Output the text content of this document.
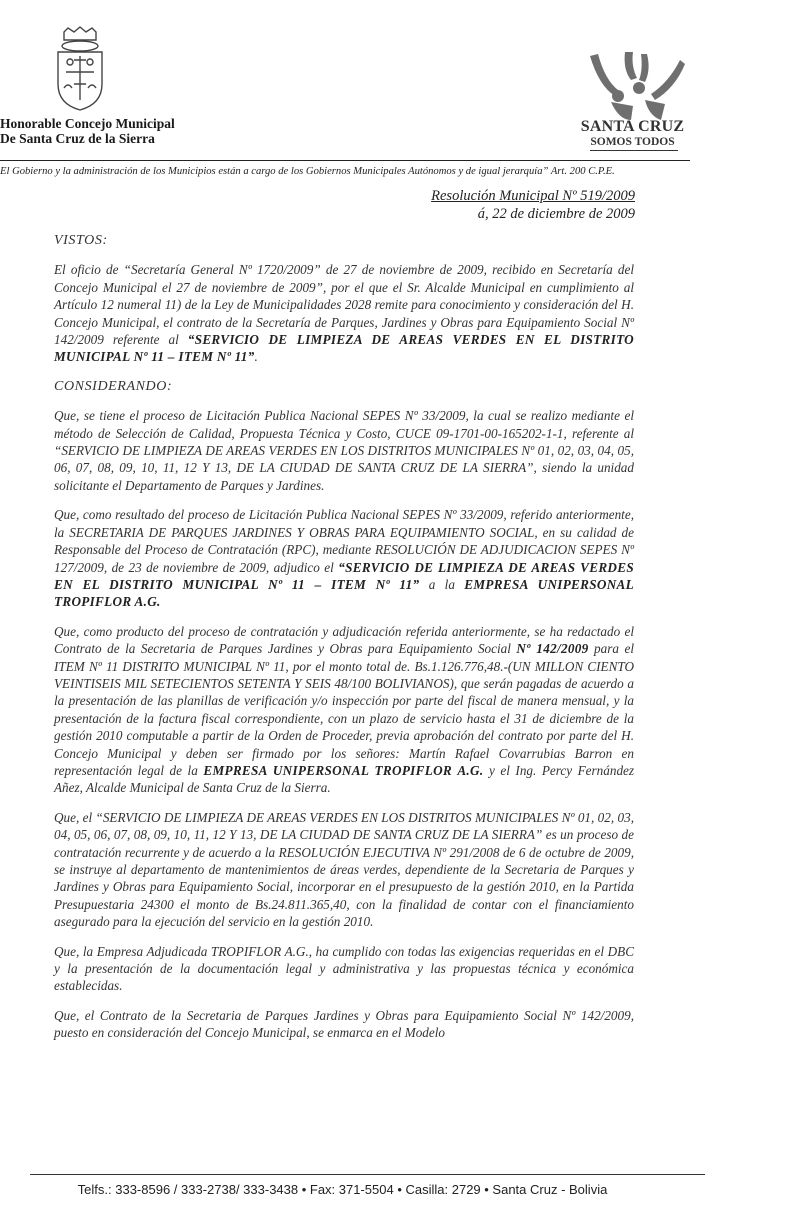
Honorable Concejo Municipal
De Santa Cruz de la Sierra
SANTA CRUZ
SOMOS TODOS
El Gobierno y la administración de los Municipios están a cargo de los Gobiernos Municipales Autónomos y de igual jerarquía” Art. 200 C.P.E.
Resolución Municipal Nº 519/2009
á, 22 de diciembre de 2009
VISTOS:

El oficio de “Secretaría General Nº 1720/2009” de 27 de noviembre de 2009, recibido en Secretaría del Concejo Municipal el 27 de noviembre de 2009”, por el que el Sr. Alcalde Municipal en cumplimiento al Artículo 12 numeral 11) de la Ley de Municipalidades 2028 remite para conocimiento y consideración del H. Concejo Municipal, el contrato de la Secretaría de Parques, Jardines y Obras para Equipamiento Social Nº 142/2009 referente al “SERVICIO DE LIMPIEZA DE AREAS VERDES EN EL DISTRITO MUNICIPAL Nº 11 – ITEM Nº 11”.

CONSIDERANDO:

Que, se tiene el proceso de Licitación Publica Nacional SEPES Nº 33/2009, la cual se realizo mediante el método de Selección de Calidad, Propuesta Técnica y Costo, CUCE 09-1701-00-165202-1-1, referente al “SERVICIO DE LIMPIEZA DE AREAS VERDES EN LOS DISTRITOS MUNICIPALES Nº 01, 02, 03, 04, 05, 06, 07, 08, 09, 10, 11, 12 Y 13, DE LA CIUDAD DE SANTA CRUZ DE LA SIERRA”, siendo la unidad solicitante el Departamento de Parques y Jardines.

Que, como resultado del proceso de Licitación Publica Nacional SEPES Nº 33/2009, referido anteriormente, la SECRETARIA DE PARQUES JARDINES Y OBRAS PARA EQUIPAMIENTO SOCIAL, en su calidad de Responsable del Proceso de Contratación (RPC), mediante RESOLUCIÓN DE ADJUDICACION SEPES Nº 127/2009, de 23 de noviembre de 2009, adjudico el “SERVICIO DE LIMPIEZA DE AREAS VERDES EN EL DISTRITO MUNICIPAL Nº 11 – ITEM Nº 11” a la EMPRESA UNIPERSONAL TROPIFLOR A.G.

Que, como producto del proceso de contratación y adjudicación referida anteriormente, se ha redactado el Contrato de la Secretaria de Parques Jardines y Obras para Equipamiento Social Nº 142/2009 para el ITEM Nº 11 DISTRITO MUNICIPAL Nº 11, por el monto total de. Bs.1.126.776,48.-(UN MILLON CIENTO VEINTISEIS MIL SETECIENTOS SETENTA Y SEIS 48/100 BOLIVIANOS), que serán pagadas de acuerdo a la presentación de las planillas de verificación y/o inspección por parte del fiscal de manera mensual, y la presentación de la factura fiscal correspondiente, con un plazo de servicio hasta el 31 de diciembre de la gestión 2010 computable a partir de la Orden de Proceder, previa aprobación del contrato por parte del H. Concejo Municipal y deben ser firmado por los señores: Martín Rafael Covarrubias Barron en representación legal de la EMPRESA UNIPERSONAL TROPIFLOR A.G. y el Ing. Percy Fernández Añez, Alcalde Municipal de Santa Cruz de la Sierra.

Que, el “SERVICIO DE LIMPIEZA DE AREAS VERDES EN LOS DISTRITOS MUNICIPALES Nº 01, 02, 03, 04, 05, 06, 07, 08, 09, 10, 11, 12 Y 13, DE LA CIUDAD DE SANTA CRUZ DE LA SIERRA” es un proceso de contratación recurrente y de acuerdo a la RESOLUCIÓN EJECUTIVA Nº 291/2008 de 6 de octubre de 2009, se instruye al departamento de mantenimientos de áreas verdes, dependiente de la Secretaria de Parques y Jardines y Obras para Equipamiento Social, incorporar en el presupuesto de la gestión 2010, en la Partida Presupuestaria 24300 el monto de Bs.24.811.365,40, con la finalidad de contar con el financiamiento asegurado para la ejecución del servicio en la gestión 2010.

Que, la Empresa Adjudicada TROPIFLOR A.G., ha cumplido con todas las exigencias requeridas en el DBC y la presentación de la documentación legal y administrativa y las propuestas técnica y económica establecidas.

Que, el Contrato de la Secretaria de Parques Jardines y Obras para Equipamiento Social Nº 142/2009, puesto en consideración del Concejo Municipal, se enmarca en el Modelo

Telfs.: 333-8596 / 333-2738/ 333-3438 • Fax: 371-5504 • Casilla: 2729 • Santa Cruz - Bolivia
